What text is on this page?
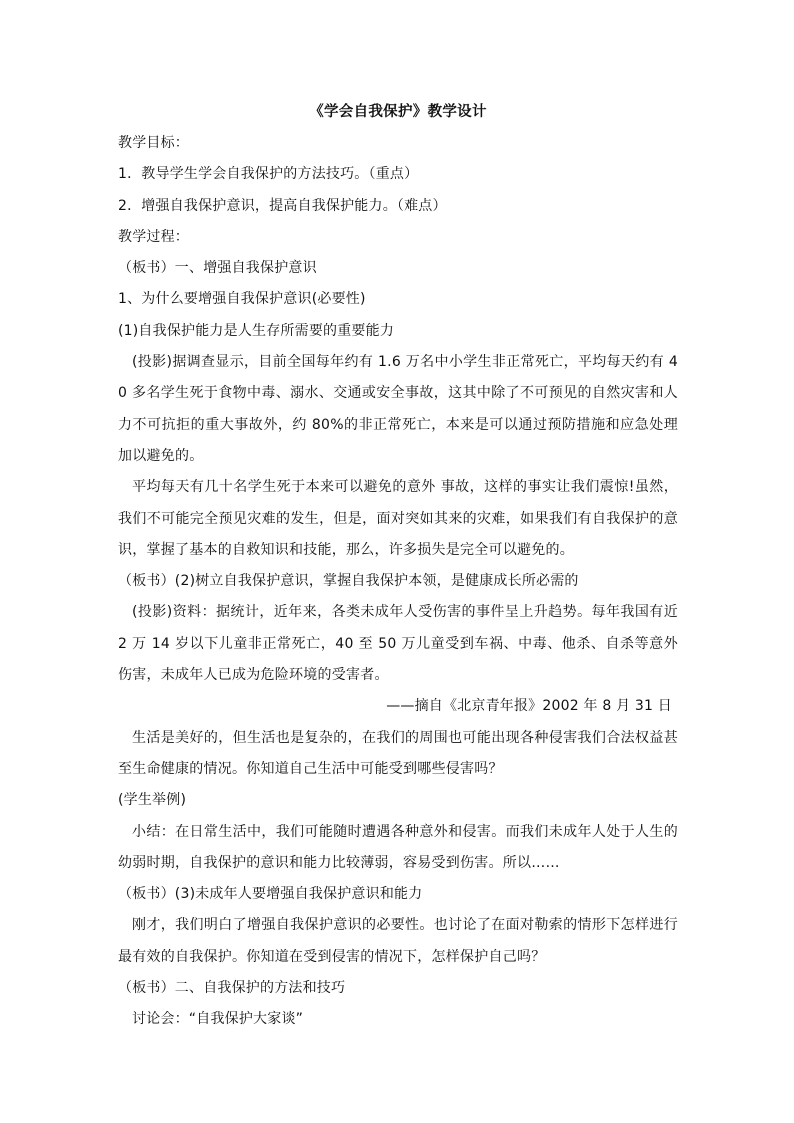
《学会自我保护》教学设计
教学目标：
1．教导学生学会自我保护的方法技巧。（重点）
2．增强自我保护意识，提高自我保护能力。（难点）
教学过程：
（板书）一、增强自我保护意识
1、为什么要增强自我保护意识(必要性)
(1)自我保护能力是人生存所需要的重要能力
(投影)据调查显示，目前全国每年约有 1.6 万名中小学生非正常死亡，平均每天约有 40 多名学生死于食物中毒、溺水、交通或安全事故，这其中除了不可预见的自然灾害和人力不可抗拒的重大事故外，约 80%的非正常死亡，本来是可以通过预防措施和应急处理加以避免的。
平均每天有几十名学生死于本来可以避免的意外 事故，这样的事实让我们震惊!虽然，我们不可能完全预见灾难的发生，但是，面对突如其来的灾难，如果我们有自我保护的意识，掌握了基本的自救知识和技能，那么，许多损失是完全可以避免的。
（板书）(2)树立自我保护意识，掌握自我保护本领，是健康成长所必需的
(投影)资料：据统计，近年来，各类未成年人受伤害的事件呈上升趋势。每年我国有近 2 万 14 岁以下儿童非正常死亡，40 至 50 万儿童受到车祸、中毒、他杀、自杀等意外伤害，未成年人已成为危险环境的受害者。
——摘自《北京青年报》2002 年 8 月 31 日
生活是美好的，但生活也是复杂的，在我们的周围也可能出现各种侵害我们合法权益甚至生命健康的情况。你知道自己生活中可能受到哪些侵害吗？
(学生举例)
小结：在日常生活中，我们可能随时遭遇各种意外和侵害。而我们未成年人处于人生的幼弱时期，自我保护的意识和能力比较薄弱，容易受到伤害。所以……
（板书）(3)未成年人要增强自我保护意识和能力
刚才，我们明白了增强自我保护意识的必要性。也讨论了在面对勒索的情形下怎样进行最有效的自我保护。你知道在受到侵害的情况下，怎样保护自己吗？
（板书）二、自我保护的方法和技巧
讨论会：“自我保护大家谈”
